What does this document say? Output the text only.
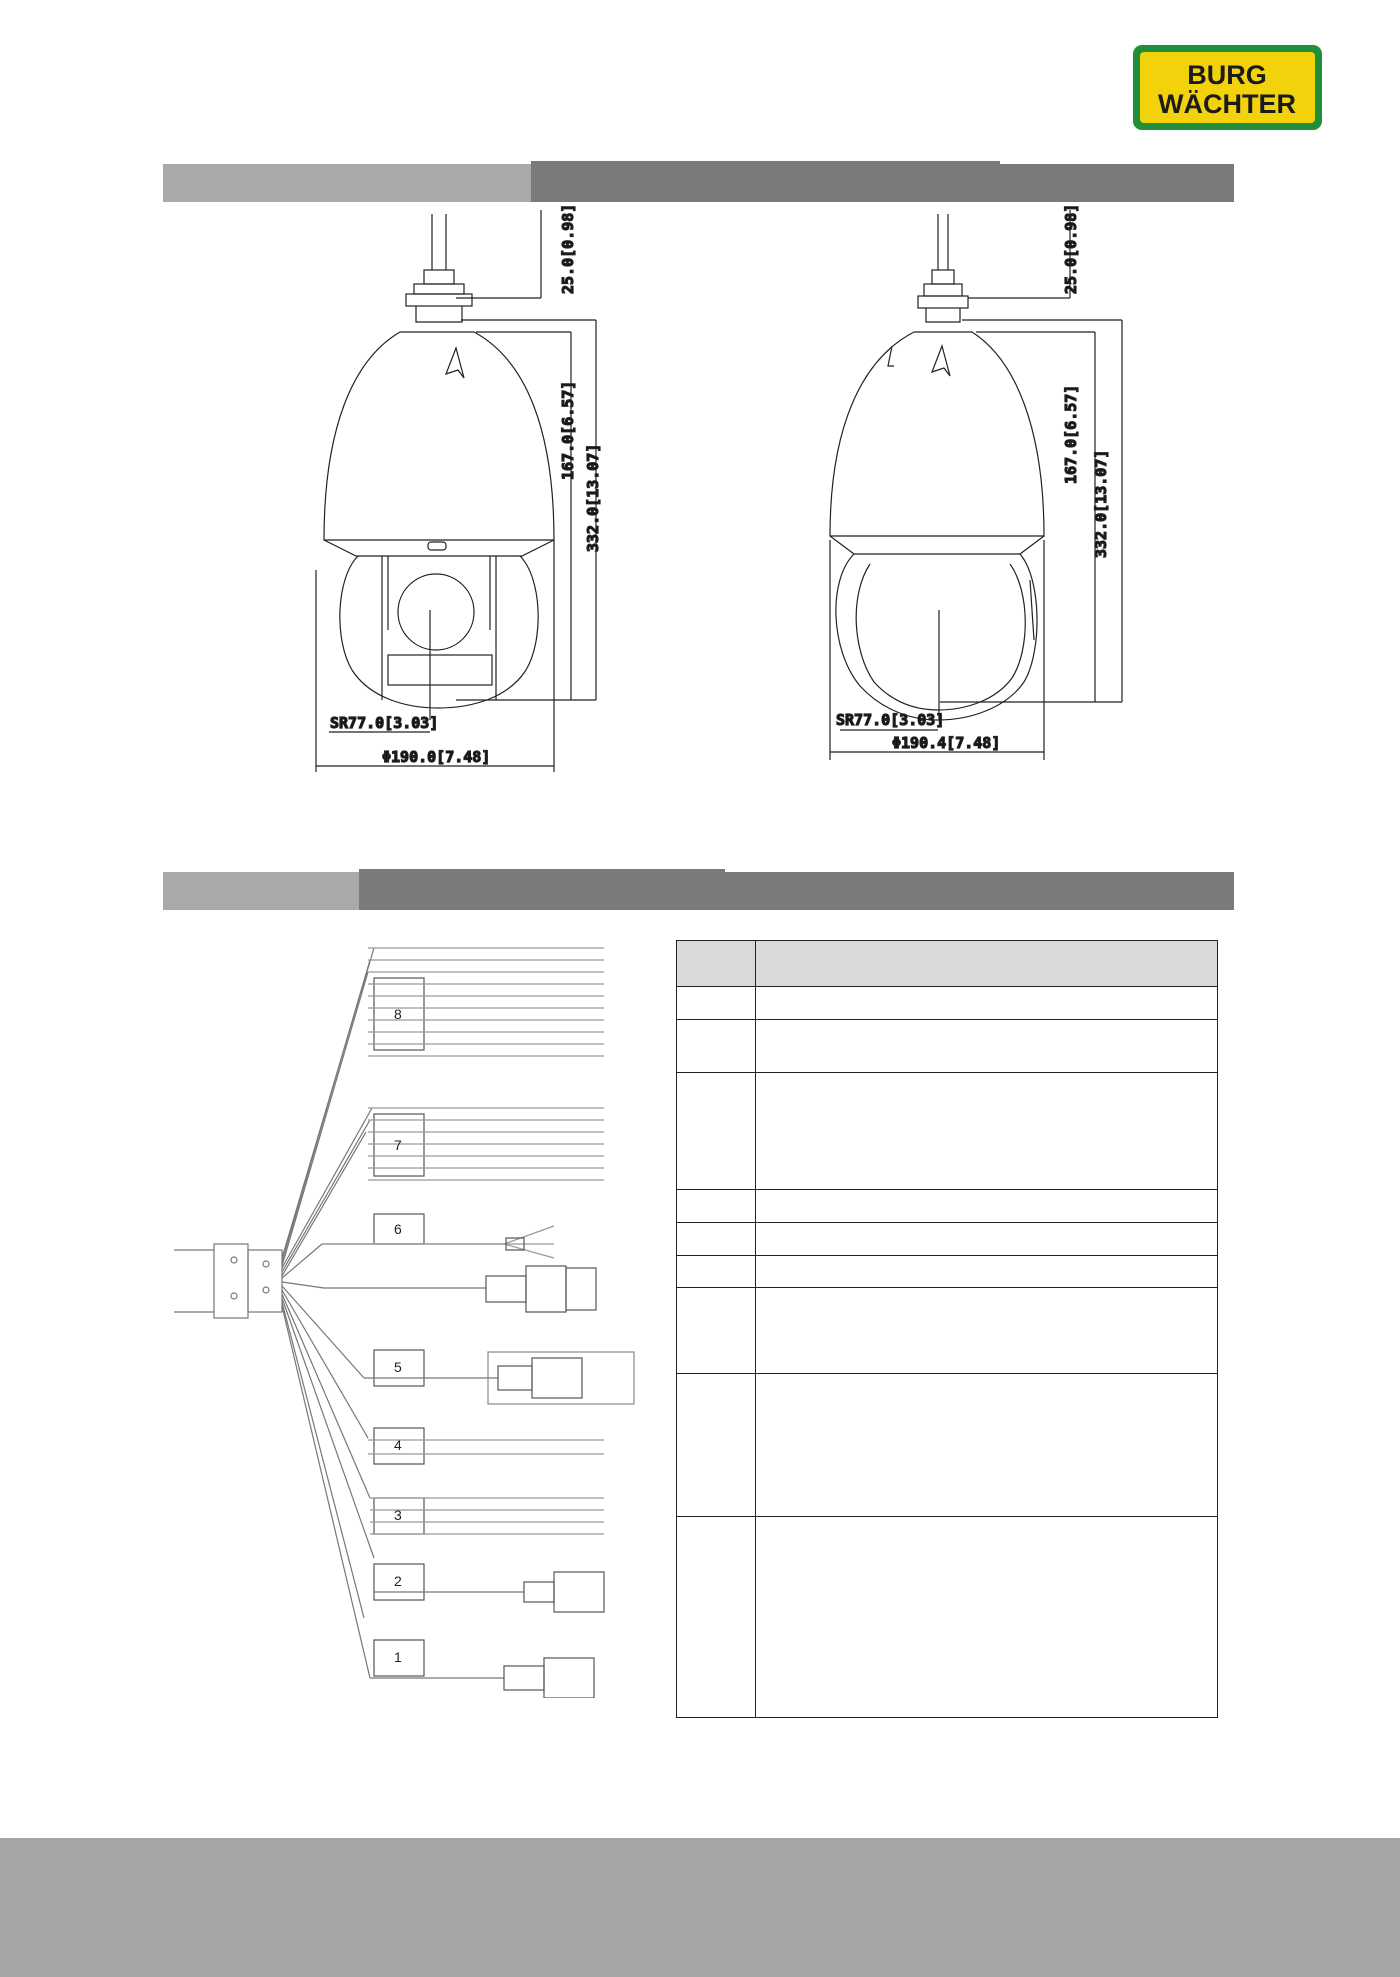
BURG
WÄCHTER
25.0[0.98]
167.0[6.57]
332.0[13.07]
SR77.0[3.03]
Φ190.0[7.48]
25.0[0.98]
167.0[6.57]
332.0[13.07]
SR77.0[3.03]
Φ190.4[7.48]
8
7
6
5
4
3
2
1
